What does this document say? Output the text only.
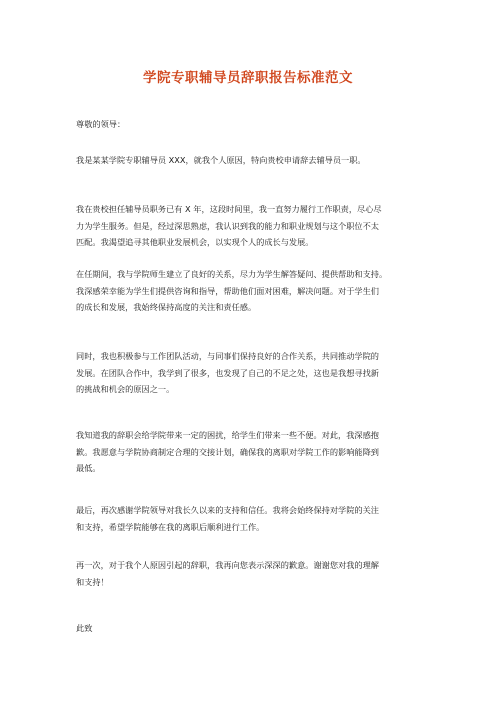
学院专职辅导员辞职报告标准范文
尊敬的领导：
我是某某学院专职辅导员 XXX，就我个人原因，特向贵校申请辞去辅导员一职。
我在贵校担任辅导员职务已有 X 年，这段时间里，我一直努力履行工作职责，尽心尽
力为学生服务。但是，经过深思熟虑，我认识到我的能力和职业规划与这个职位不太
匹配。我渴望追寻其他职业发展机会，以实现个人的成长与发展。
在任期间，我与学院师生建立了良好的关系，尽力为学生解答疑问、提供帮助和支持。
我深感荣幸能为学生们提供咨询和指导，帮助他们面对困难，解决问题。对于学生们
的成长和发展，我始终保持高度的关注和责任感。
同时，我也积极参与工作团队活动，与同事们保持良好的合作关系，共同推动学院的
发展。在团队合作中，我学到了很多，也发现了自己的不足之处，这也是我想寻找新
的挑战和机会的原因之一。
我知道我的辞职会给学院带来一定的困扰，给学生们带来一些不便。对此，我深感抱
歉。我愿意与学院协商制定合理的交接计划，确保我的离职对学院工作的影响能降到
最低。
最后，再次感谢学院领导对我长久以来的支持和信任。我将会始终保持对学院的关注
和支持，希望学院能够在我的离职后顺利进行工作。
再一次，对于我个人原因引起的辞职，我再向您表示深深的歉意。谢谢您对我的理解
和支持！
此致
